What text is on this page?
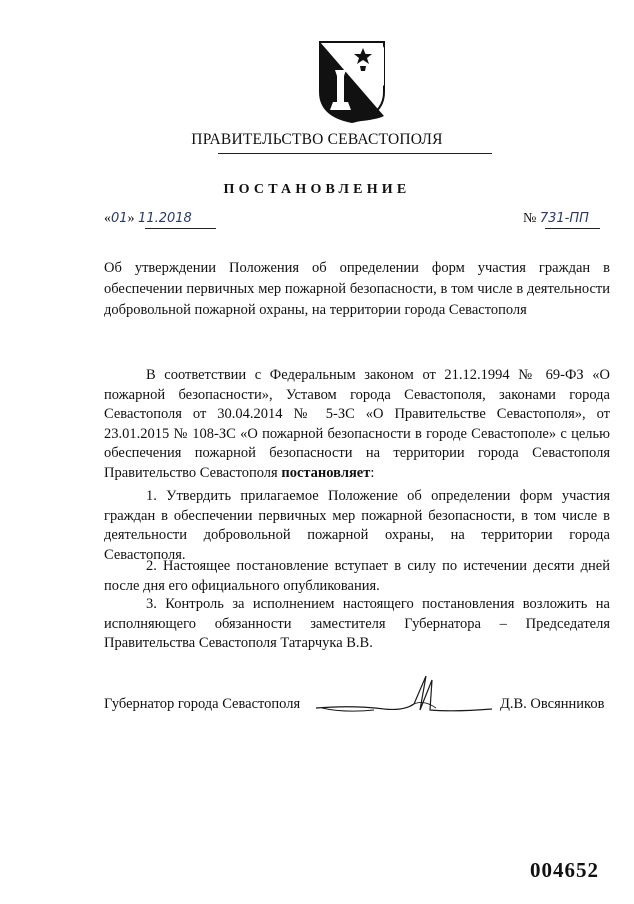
ПРАВИТЕЛЬСТВО СЕВАСТОПОЛЯ
ПОСТАНОВЛЕНИЕ
«01» 11.2018	№ 731-ПП
Об утверждении Положения об определении форм участия граждан в обеспечении первичных мер пожарной безопасности, в том числе в деятельности добровольной пожарной охраны, на территории города Севастополя

В соответствии с Федеральным законом от 21.12.1994 № 69-ФЗ «О пожарной безопасности», Уставом города Севастополя, законами города Севастополя от 30.04.2014 № 5-ЗС «О Правительстве Севастополя», от 23.01.2015 № 108-ЗС «О пожарной безопасности в городе Севастополе» с целью обеспечения пожарной безопасности на территории города Севастополя Правительство Севастополя постановляет:

1. Утвердить прилагаемое Положение об определении форм участия граждан в обеспечении первичных мер пожарной безопасности, в том числе в деятельности добровольной пожарной охраны, на территории города Севастополя.

2. Настоящее постановление вступает в силу по истечении десяти дней после дня его официального опубликования.

3. Контроль за исполнением настоящего постановления возложить на исполняющего обязанности заместителя Губернатора – Председателя Правительства Севастополя Татарчука В.В.

Губернатор города Севастополя	Д.В. Овсянников
004652
